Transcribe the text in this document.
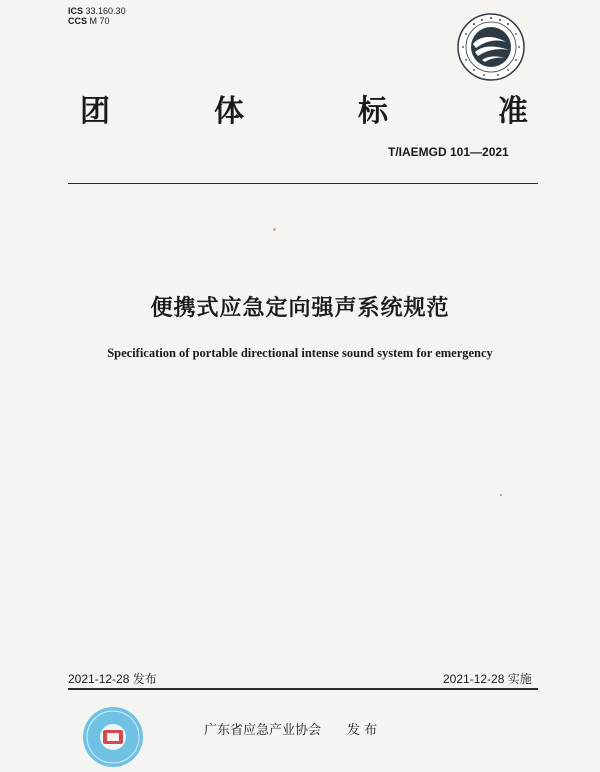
ICS 33.160.30
CCS M 70
团	体	标	准
T/IAEMGD 101—2021
便携式应急定向强声系统规范
Specification of portable directional intense sound system for emergency
2021-12-28 发布	2021-12-28 实施
广东省应急产业协会 发 布
